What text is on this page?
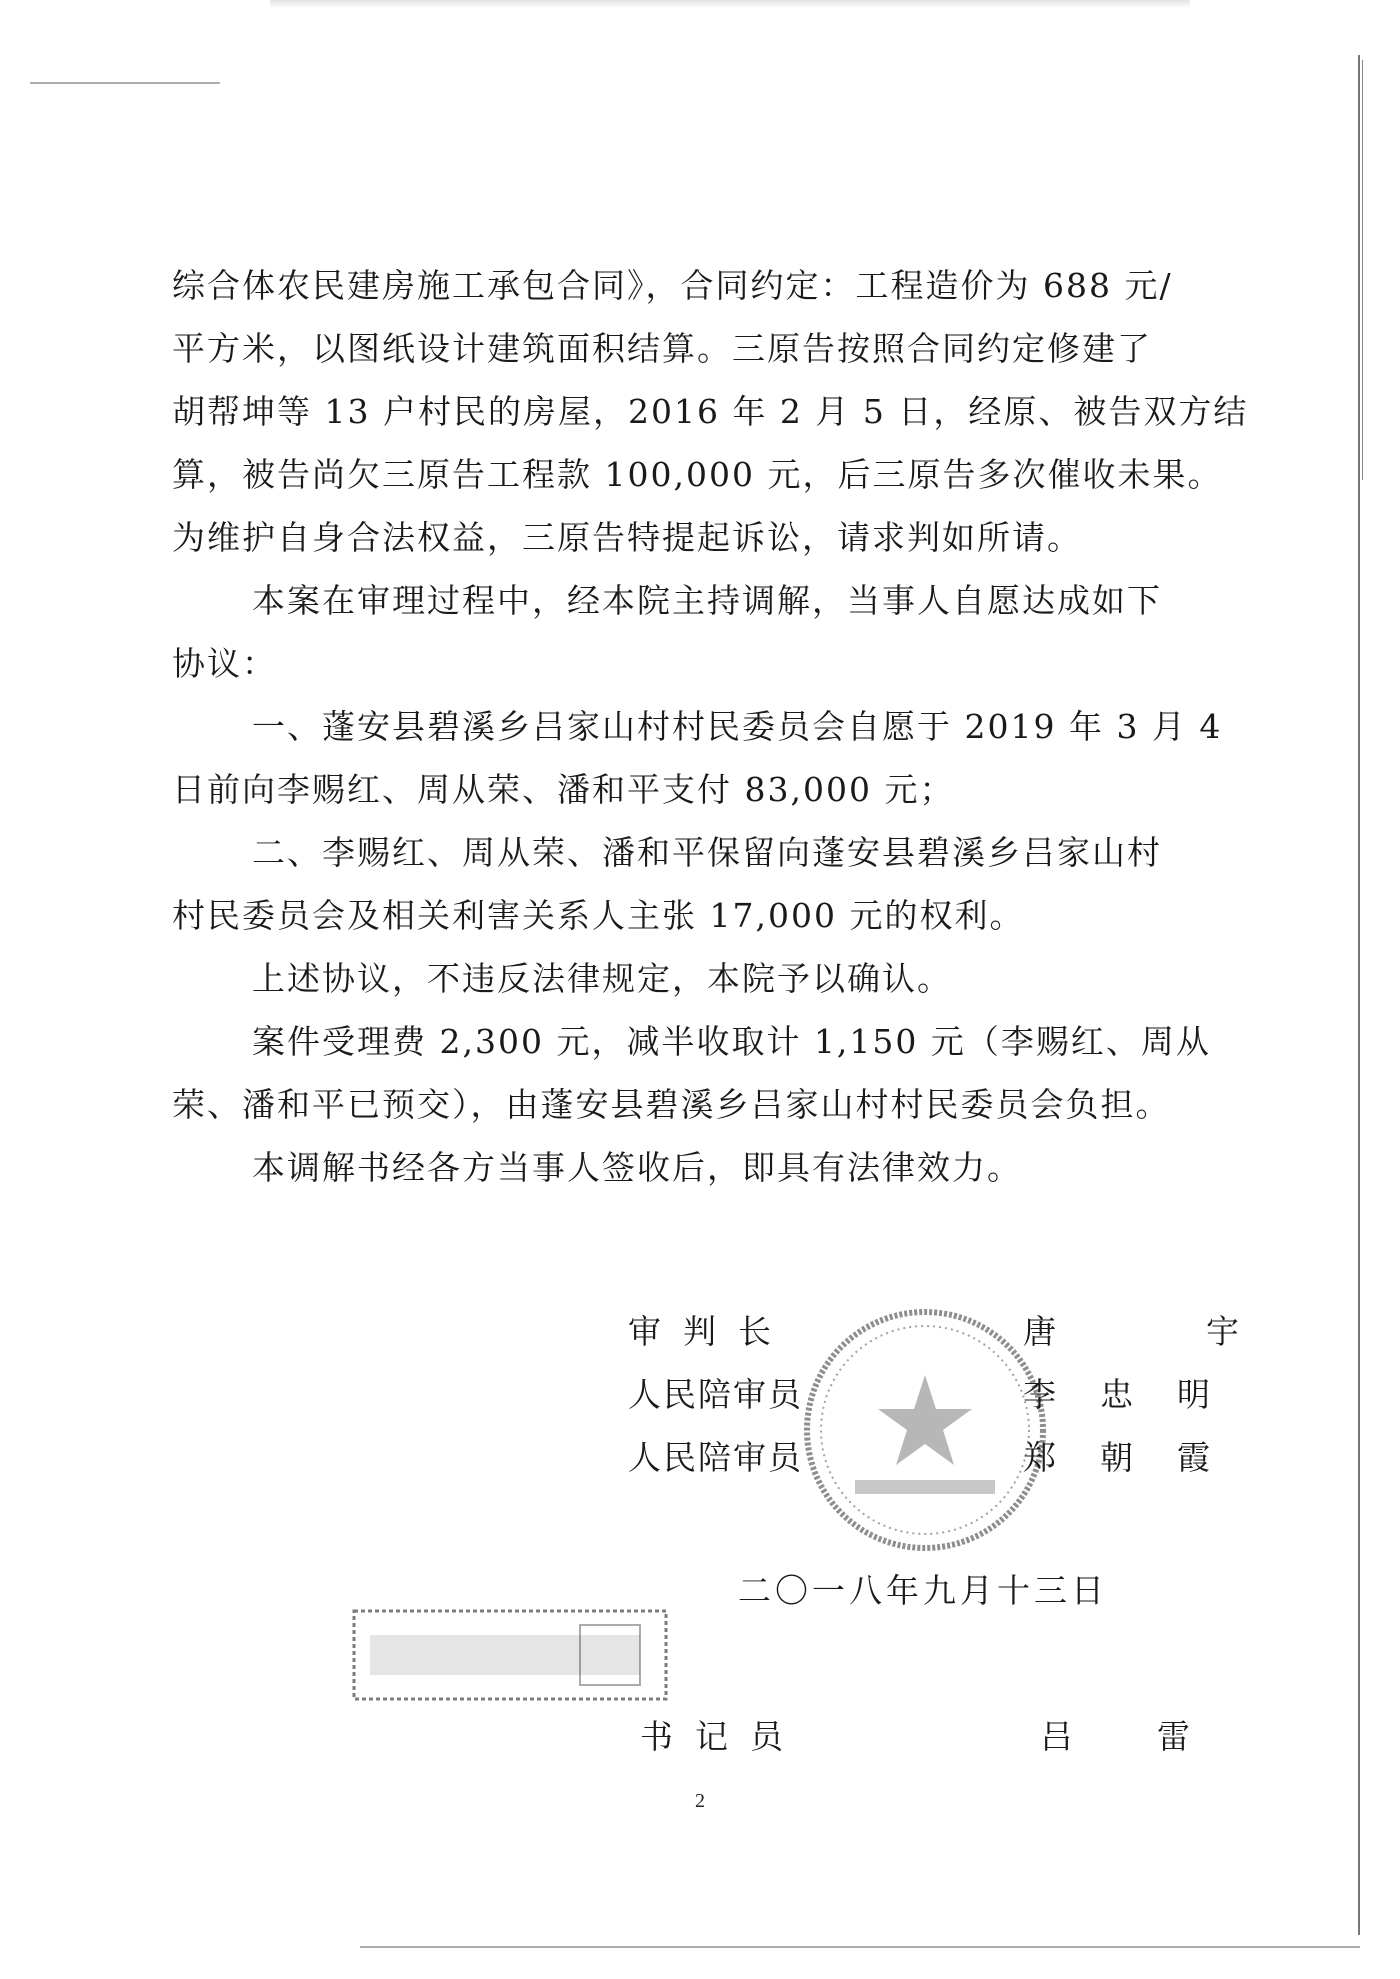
综合体农民建房施工承包合同》，合同约定：工程造价为 688 元/
平方米，以图纸设计建筑面积结算。三原告按照合同约定修建了
胡帮坤等 13 户村民的房屋，2016 年 2 月 5 日，经原、被告双方结
算，被告尚欠三原告工程款 100,000 元，后三原告多次催收未果。
为维护自身合法权益，三原告特提起诉讼，请求判如所请。
本案在审理过程中，经本院主持调解，当事人自愿达成如下
协议：
一、蓬安县碧溪乡吕家山村村民委员会自愿于 2019 年 3 月 4
日前向李赐红、周从荣、潘和平支付 83,000 元；
二、李赐红、周从荣、潘和平保留向蓬安县碧溪乡吕家山村
村民委员会及相关利害关系人主张 17,000 元的权利。
上述协议，不违反法律规定，本院予以确认。
案件受理费 2,300 元，减半收取计 1,150 元（李赐红、周从
荣、潘和平已预交），由蓬安县碧溪乡吕家山村村民委员会负担。
本调解书经各方当事人签收后，即具有法律效力。
审判长	唐宇
人民陪审员	李忠明
人民陪审员	郑朝霞
二〇一八年九月十三日
书记员	吕雷
2
